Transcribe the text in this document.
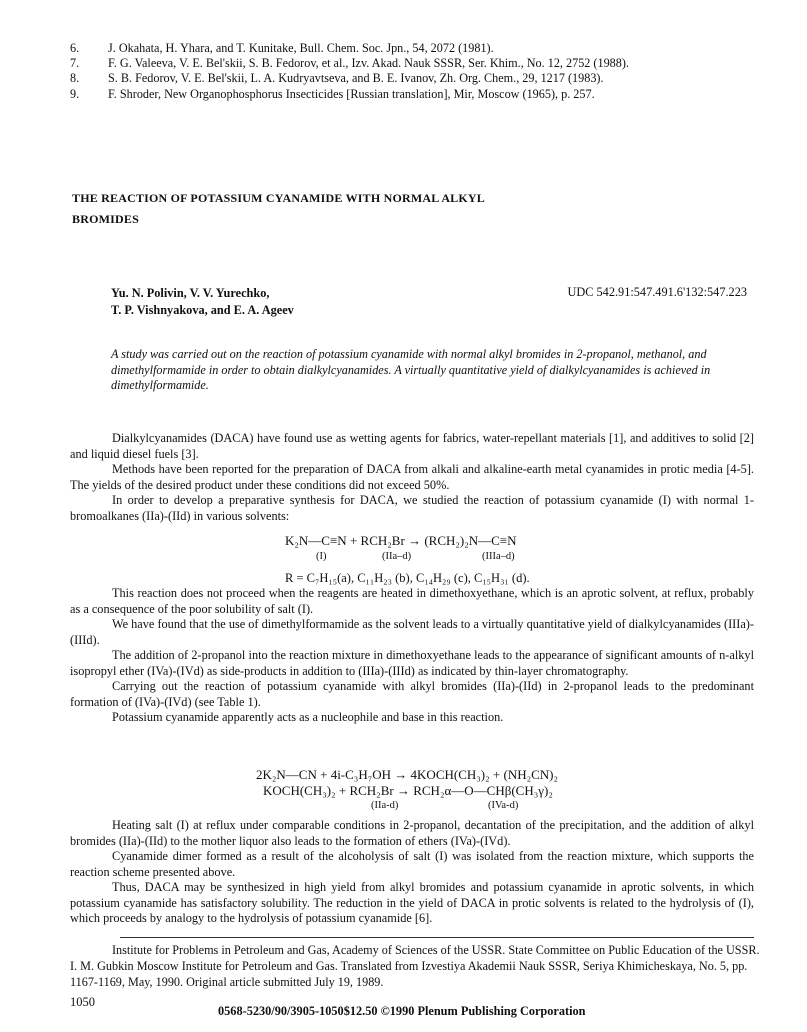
6.	J. Okahata, H. Yhara, and T. Kunitake, Bull. Chem. Soc. Jpn., 54, 2072 (1981).
7.	F. G. Valeeva, V. E. Bel'skii, S. B. Fedorov, et al., Izv. Akad. Nauk SSSR, Ser. Khim., No. 12, 2752 (1988).
8.	S. B. Fedorov, V. E. Bel'skii, L. A. Kudryavtseva, and B. E. Ivanov, Zh. Org. Chem., 29, 1217 (1983).
9.	F. Shroder, New Organophosphorus Insecticides [Russian translation], Mir, Moscow (1965), p. 257.
THE REACTION OF POTASSIUM CYANAMIDE WITH NORMAL ALKYL
BROMIDES
Yu. N. Polivin, V. V. Yurechko,
T. P. Vishnyakova, and E. A. Ageev
UDC 542.91:547.491.6'132:547.223
A study was carried out on the reaction of potassium cyanamide with normal alkyl bromides in 2-propanol, methanol, and dimethylformamide in order to obtain dialkylcyanamides. A virtually quantitative yield of dialkylcyanamides is achieved in dimethylformamide.

Dialkylcyanamides (DACA) have found use as wetting agents for fabrics, water-repellant materials [1], and additives to solid [2] and liquid diesel fuels [3].

Methods have been reported for the preparation of DACA from alkali and alkaline-earth metal cyanamides in protic media [4-5]. The yields of the desired product under these conditions did not exceed 50%.

In order to develop a preparative synthesis for DACA, we studied the reaction of potassium cyanamide (I) with normal 1-bromoalkanes (IIa)-(IId) in various solvents:

K₂N—C≡N + RCH₂Br → (RCH₂)₂N—C≡N
(I)	(IIa–d)	(IIIa–d)
R = C₇H₁₅(a), C₁₁H₂₃ (b), C₁₄H₂₉ (c), C₁₅H₃₁ (d).

This reaction does not proceed when the reagents are heated in dimethoxyethane, which is an aprotic solvent, at reflux, probably as a consequence of the poor solubility of salt (I).

We have found that the use of dimethylformamide as the solvent leads to a virtually quantitative yield of dialkylcyanamides (IIIa)-(IIId).

The addition of 2-propanol into the reaction mixture in dimethoxyethane leads to the appearance of significant amounts of n-alkyl isopropyl ether (IVa)-(IVd) as side-products in addition to (IIIa)-(IIId) as indicated by thin-layer chromatography.

Carrying out the reaction of potassium cyanamide with alkyl bromides (IIa)-(IId) in 2-propanol leads to the predominant formation of (IVa)-(IVd) (see Table 1).

Potassium cyanamide apparently acts as a nucleophile and base in this reaction.

2K₂N—CN + 4i-C₃H₇OH → 4KOCH(CH₃)₂ + (NH₂CN)₂
KOCH(CH₃)₂ + RCH₂Br → RCH₂α—O—CHβ(CH₃γ)₂
(IIa-d)	(IVa-d)

Heating salt (I) at reflux under comparable conditions in 2-propanol, decantation of the precipitation, and the addition of alkyl bromides (IIa)-(IId) to the mother liquor also leads to the formation of ethers (IVa)-(IVd).

Cyanamide dimer formed as a result of the alcoholysis of salt (I) was isolated from the reaction mixture, which supports the reaction scheme presented above.

Thus, DACA may be synthesized in high yield from alkyl bromides and potassium cyanamide in aprotic solvents, in which potassium cyanamide has satisfactory solubility. The reduction in the yield of DACA in protic solvents is related to the hydrolysis of (I), which proceeds by analogy to the hydrolysis of potassium cyanamide [6].

Institute for Problems in Petroleum and Gas, Academy of Sciences of the USSR. State Committee on Public Education of the USSR. I. M. Gubkin Moscow Institute for Petroleum and Gas. Translated from Izvestiya Akademii Nauk SSSR, Seriya Khimicheskaya, No. 5, pp. 1167-1169, May, 1990. Original article submitted July 19, 1989.

1050
0568-5230/90/3905-1050$12.50 ©1990 Plenum Publishing Corporation
